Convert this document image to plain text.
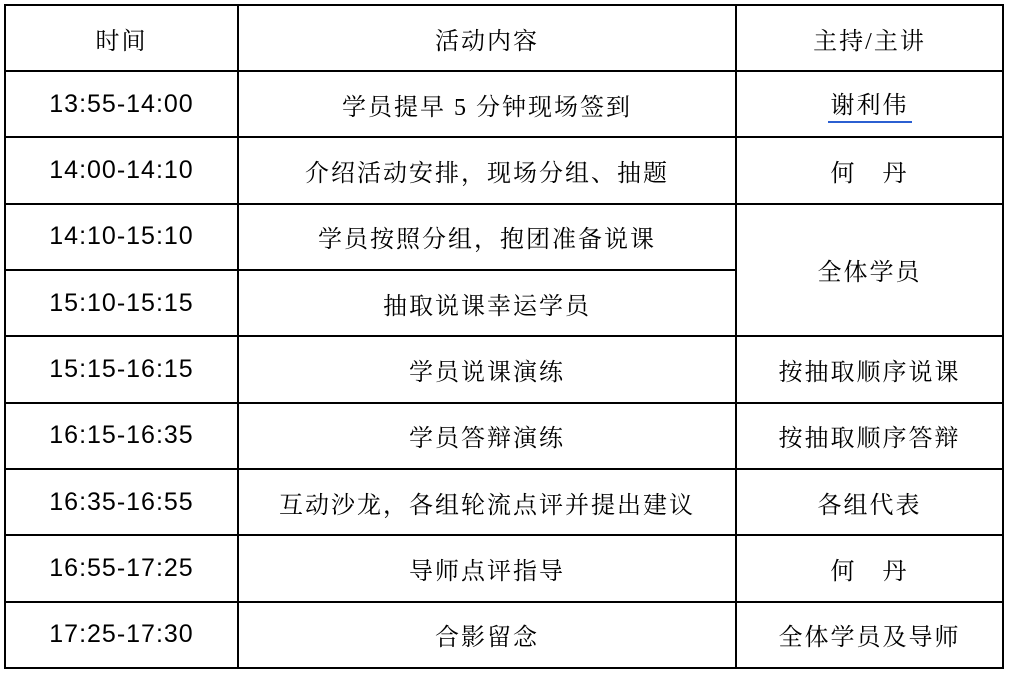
时间	活动内容	主持/主讲
13:55-14:00	学员提早 5 分钟现场签到	谢利伟
14:00-14:10	介绍活动安排，现场分组、抽题	何　丹
14:10-15:10	学员按照分组，抱团准备说课	全体学员
15:10-15:15	抽取说课幸运学员	
15:15-16:15	学员说课演练	按抽取顺序说课
16:15-16:35	学员答辩演练	按抽取顺序答辩
16:35-16:55	互动沙龙，各组轮流点评并提出建议	各组代表
16:55-17:25	导师点评指导	何　丹
17:25-17:30	合影留念	全体学员及导师
